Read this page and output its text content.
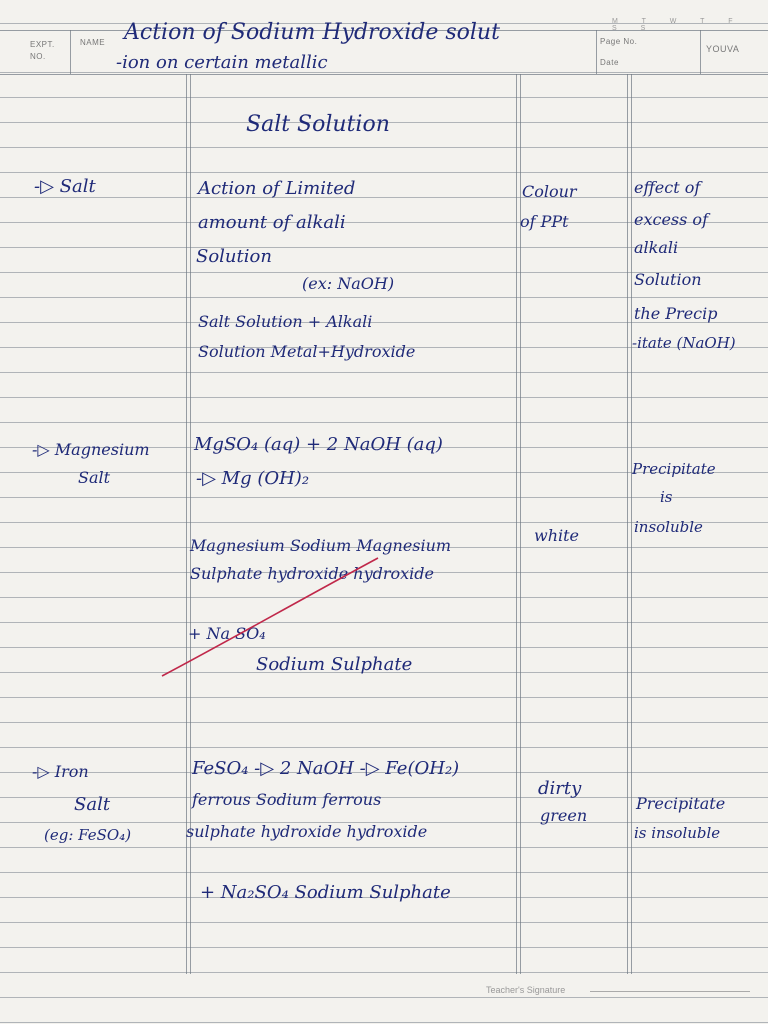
EXPT.
NO.
NAME	Page No.
Date
YOUVA
M T W T F S S
Action of Sodium Hydroxide solut
-ion on certain metallic
Salt Solution
-▷ Salt	Action of Limited
amount of alkali
Solution
(ex: NaOH)
Salt Solution + Alkali
Solution Metal+Hydroxide
Colour
of PPt
effect of
excess of
alkali
Solution
the Precip
-itate (NaOH)
-▷ Magnesium
Salt
MgSO₄ (aq) + 2 NaOH (aq)
-▷ Mg (OH)₂
Magnesium Sodium Magnesium
Sulphate hydroxide hydroxide
+ Na SO₄
Sodium Sulphate
white
Precipitate
is
insoluble
-▷ Iron
Salt
(eg: FeSO₄)
FeSO₄ -▷ 2 NaOH -▷ Fe(OH₂)
ferrous Sodium ferrous
sulphate hydroxide hydroxide
+ Na₂SO₄ Sodium Sulphate
dirty
green
Precipitate
is insoluble
Teacher's Signature
